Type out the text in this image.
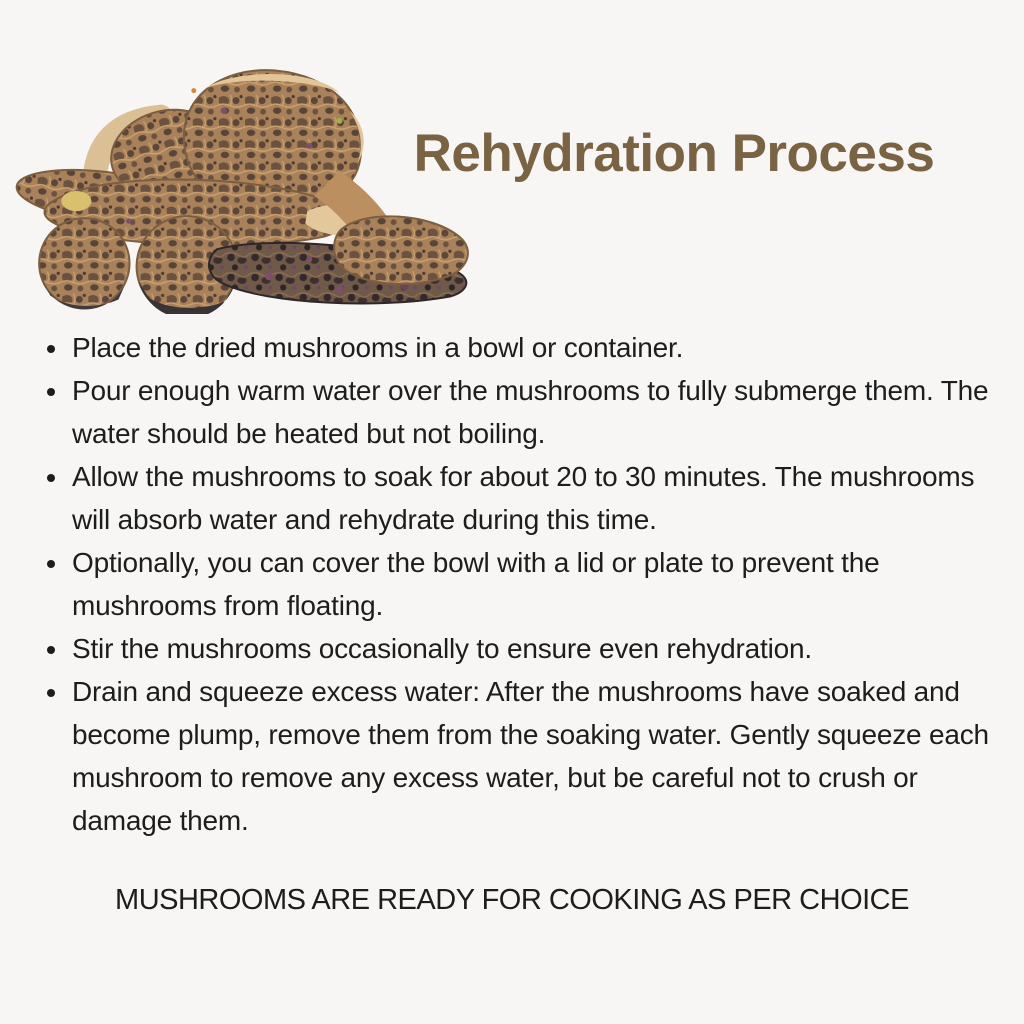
Rehydration Process
• Place the dried mushrooms in a bowl or container.
• Pour enough warm water over the mushrooms to fully submerge them. The water should be heated but not boiling.
• Allow the mushrooms to soak for about 20 to 30 minutes. The mushrooms will absorb water and rehydrate during this time.
• Optionally, you can cover the bowl with a lid or plate to prevent the mushrooms from floating.
• Stir the mushrooms occasionally to ensure even rehydration.
• Drain and squeeze excess water: After the mushrooms have soaked and become plump, remove them from the soaking water. Gently squeeze each mushroom to remove any excess water, but be careful not to crush or damage them.
MUSHROOMS ARE READY FOR COOKING AS PER CHOICE
